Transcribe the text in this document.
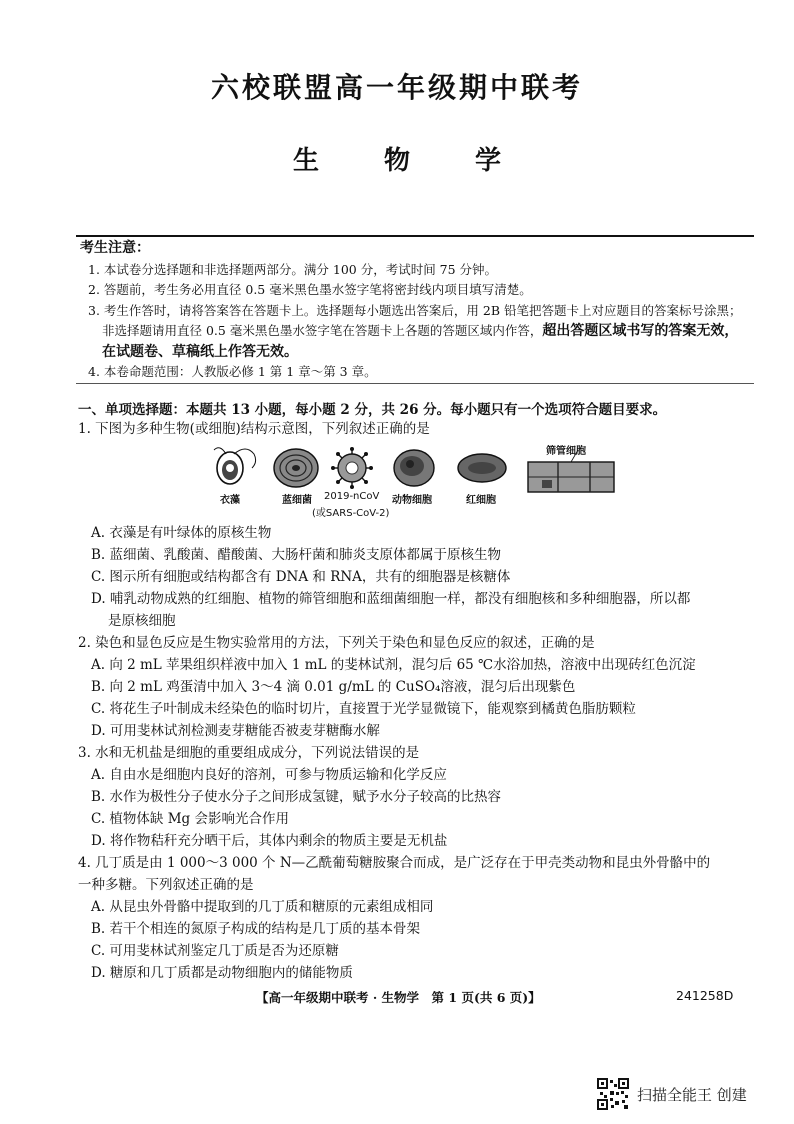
六校联盟高一年级期中联考
生 物 学
考生注意：
1. 本试卷分选择题和非选择题两部分。满分 100 分，考试时间 75 分钟。
2. 答题前，考生务必用直径 0.5 毫米黑色墨水签字笔将密封线内项目填写清楚。
3. 考生作答时，请将答案答在答题卡上。选择题每小题选出答案后，用 2B 铅笔把答题卡上对应题目的答案标号涂黑；非选择题请用直径 0.5 毫米黑色墨水签字笔在答题卡上各题的答题区域内作答，超出答题区域书写的答案无效，在试题卷、草稿纸上作答无效。
4. 本卷命题范围：人教版必修 1 第 1 章～第 3 章。
一、单项选择题：本题共 13 小题，每小题 2 分，共 26 分。每小题只有一个选项符合题目要求。
1. 下图为多种生物(或细胞)结构示意图，下列叙述正确的是
衣藻	蓝细菌 2019-nCoV
(或SARS-CoV-2)
动物细胞	红细胞
筛管细胞
A. 衣藻是有叶绿体的原核生物
B. 蓝细菌、乳酸菌、醋酸菌、大肠杆菌和肺炎支原体都属于原核生物
C. 图示所有细胞或结构都含有 DNA 和 RNA，共有的细胞器是核糖体
D. 哺乳动物成熟的红细胞、植物的筛管细胞和蓝细菌细胞一样，都没有细胞核和多种细胞器，所以都
是原核细胞
2. 染色和显色反应是生物实验常用的方法，下列关于染色和显色反应的叙述，正确的是
A. 向 2 mL 苹果组织样液中加入 1 mL 的斐林试剂，混匀后 65 ℃水浴加热，溶液中出现砖红色沉淀
B. 向 2 mL 鸡蛋清中加入 3～4 滴 0.01 g/mL 的 CuSO₄溶液，混匀后出现紫色
C. 将花生子叶制成未经染色的临时切片，直接置于光学显微镜下，能观察到橘黄色脂肪颗粒
D. 可用斐林试剂检测麦芽糖能否被麦芽糖酶水解
3. 水和无机盐是细胞的重要组成成分，下列说法错误的是
A. 自由水是细胞内良好的溶剂，可参与物质运输和化学反应
B. 水作为极性分子使水分子之间形成氢键，赋予水分子较高的比热容
C. 植物体缺 Mg 会影响光合作用
D. 将作物秸秆充分晒干后，其体内剩余的物质主要是无机盐
4. 几丁质是由 1 000～3 000 个 N—乙酰葡萄糖胺聚合而成，是广泛存在于甲壳类动物和昆虫外骨骼中的
一种多糖。下列叙述正确的是
A. 从昆虫外骨骼中提取到的几丁质和糖原的元素组成相同
B. 若干个相连的氮原子构成的结构是几丁质的基本骨架
C. 可用斐林试剂鉴定几丁质是否为还原糖
D. 糖原和几丁质都是动物细胞内的储能物质
【高一年级期中联考 · 生物学　第 1 页(共 6 页)】	241258D
扫描全能王 创建
